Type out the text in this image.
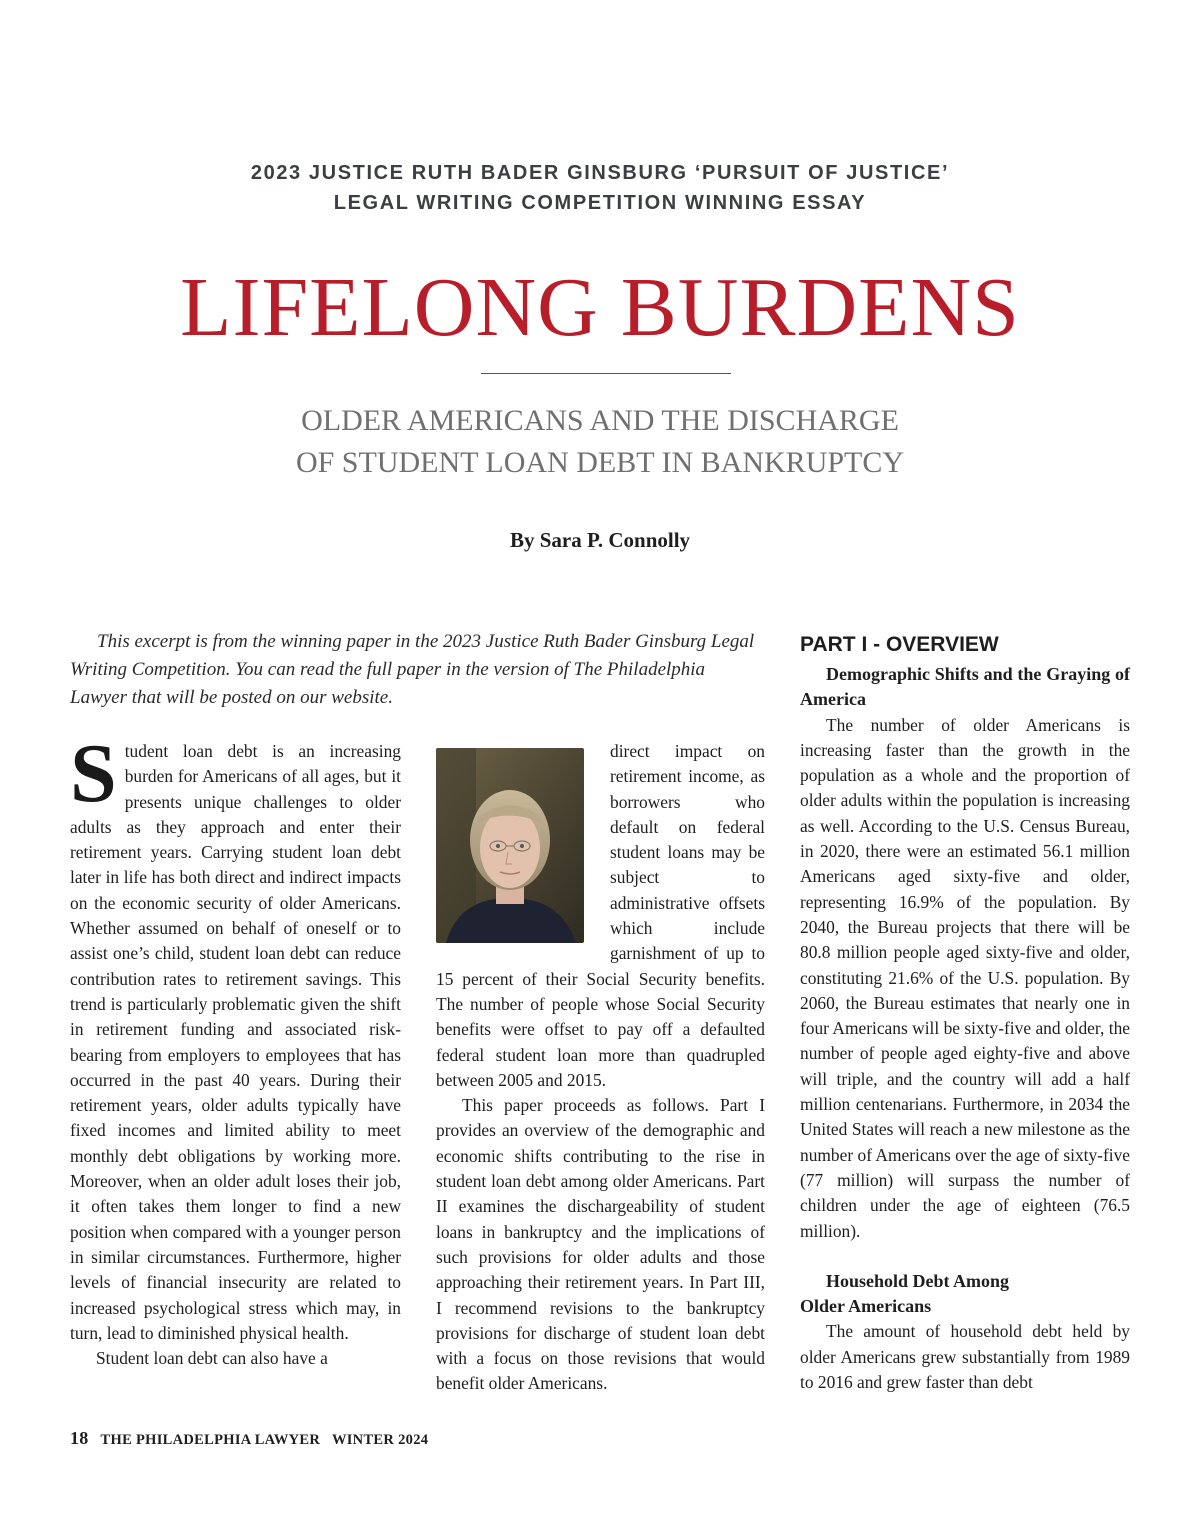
2023 JUSTICE RUTH BADER GINSBURG ‘PURSUIT OF JUSTICE’
LEGAL WRITING COMPETITION WINNING ESSAY
LIFELONG BURDENS
OLDER AMERICANS AND THE DISCHARGE
OF STUDENT LOAN DEBT IN BANKRUPTCY
By Sara P. Connolly

This excerpt is from the winning paper in the 2023 Justice Ruth Bader Ginsburg Legal Writing Competition. You can read the full paper in the version of The Philadelphia Lawyer that will be posted on our website.

Student loan debt is an increasing burden for Americans of all ages, but it presents unique challenges to older adults as they approach and enter their retirement years. Carrying student loan debt later in life has both direct and indirect impacts on the economic security of older Americans. Whether assumed on behalf of oneself or to assist one’s child, student loan debt can reduce contribution rates to retirement savings. This trend is particularly problematic given the shift in retirement funding and associated risk-bearing from employers to employees that has occurred in the past 40 years. During their retirement years, older adults typically have fixed incomes and limited ability to meet monthly debt obligations by working more. Moreover, when an older adult loses their job, it often takes them longer to find a new position when compared with a younger person in similar circumstances. Furthermore, higher levels of financial insecurity are related to increased psychological stress which may, in turn, lead to diminished physical health.

Student loan debt can also have a

direct impact on retirement income, as borrowers who default on federal student loans may be subject to administrative offsets which include garnishment of up to 15 percent of their Social Security benefits. The number of people whose Social Security benefits were offset to pay off a defaulted federal student loan more than quadrupled between 2005 and 2015.

This paper proceeds as follows. Part I provides an overview of the demographic and economic shifts contributing to the rise in student loan debt among older Americans. Part II examines the dischargeability of student loans in bankruptcy and the implications of such provisions for older adults and those approaching their retirement years. In Part III, I recommend revisions to the bankruptcy provisions for discharge of student loan debt with a focus on those revisions that would benefit older Americans.

PART I - OVERVIEW

Demographic Shifts and the Graying of America

The number of older Americans is increasing faster than the growth in the population as a whole and the proportion of older adults within the population is increasing as well. According to the U.S. Census Bureau, in 2020, there were an estimated 56.1 million Americans aged sixty-five and older, representing 16.9% of the population. By 2040, the Bureau projects that there will be 80.8 million people aged sixty-five and older, constituting 21.6% of the U.S. population. By 2060, the Bureau estimates that nearly one in four Americans will be sixty-five and older, the number of people aged eighty-five and above will triple, and the country will add a half million centenarians. Furthermore, in 2034 the United States will reach a new milestone as the number of Americans over the age of sixty-five (77 million) will surpass the number of children under the age of eighteen (76.5 million).

Household Debt Among
Older Americans

The amount of household debt held by older Americans grew substantially from 1989 to 2016 and grew faster than debt

18 THE PHILADELPHIA LAWYER WINTER 2024
